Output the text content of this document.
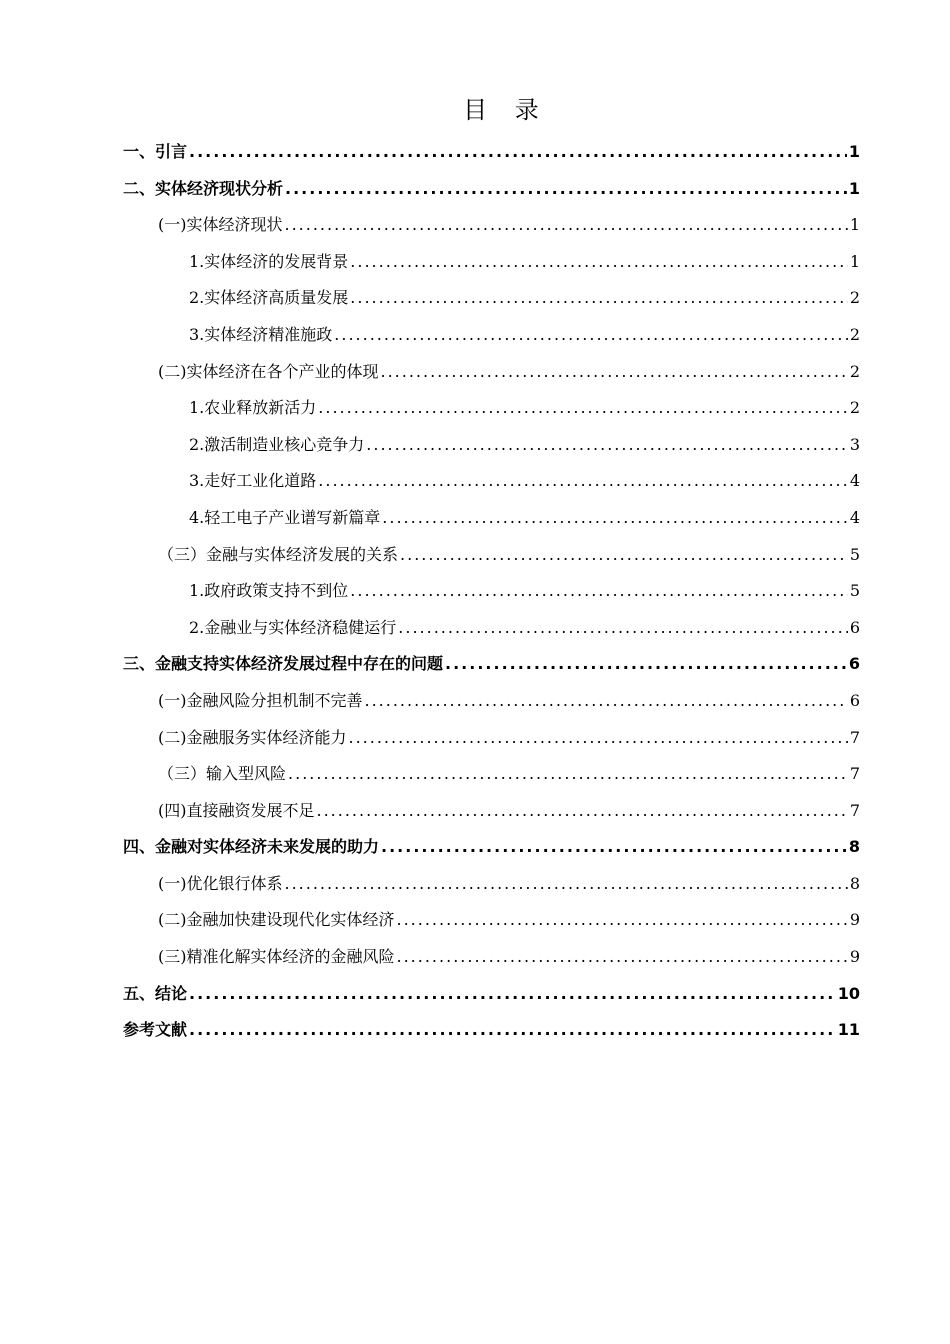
目 录
一、引言 .....	1
二、实体经济现状分析 .....	1
(一)实体经济现状 .....	1
1.实体经济的发展背景 .....	1
2.实体经济高质量发展 .....	2
3.实体经济精准施政 .....	2
(二)实体经济在各个产业的体现 .....	2
1.农业释放新活力 .....	2
2.激活制造业核心竞争力 .....	3
3.走好工业化道路 .....	4
4.轻工电子产业谱写新篇章 .....	4
（三）金融与实体经济发展的关系 .....	5
1.政府政策支持不到位 .....	5
2.金融业与实体经济稳健运行 .....	6
三、金融支持实体经济发展过程中存在的问题 .....	6
(一)金融风险分担机制不完善 .....	6
(二)金融服务实体经济能力 .....	7
（三）输入型风险 .....	7
(四)直接融资发展不足 .....	7
四、金融对实体经济未来发展的助力 .....	8
(一)优化银行体系 .....	8
(二)金融加快建设现代化实体经济 .....	9
(三)精准化解实体经济的金融风险 .....	9
五、结论 .....	10
参考文献 .....	11
